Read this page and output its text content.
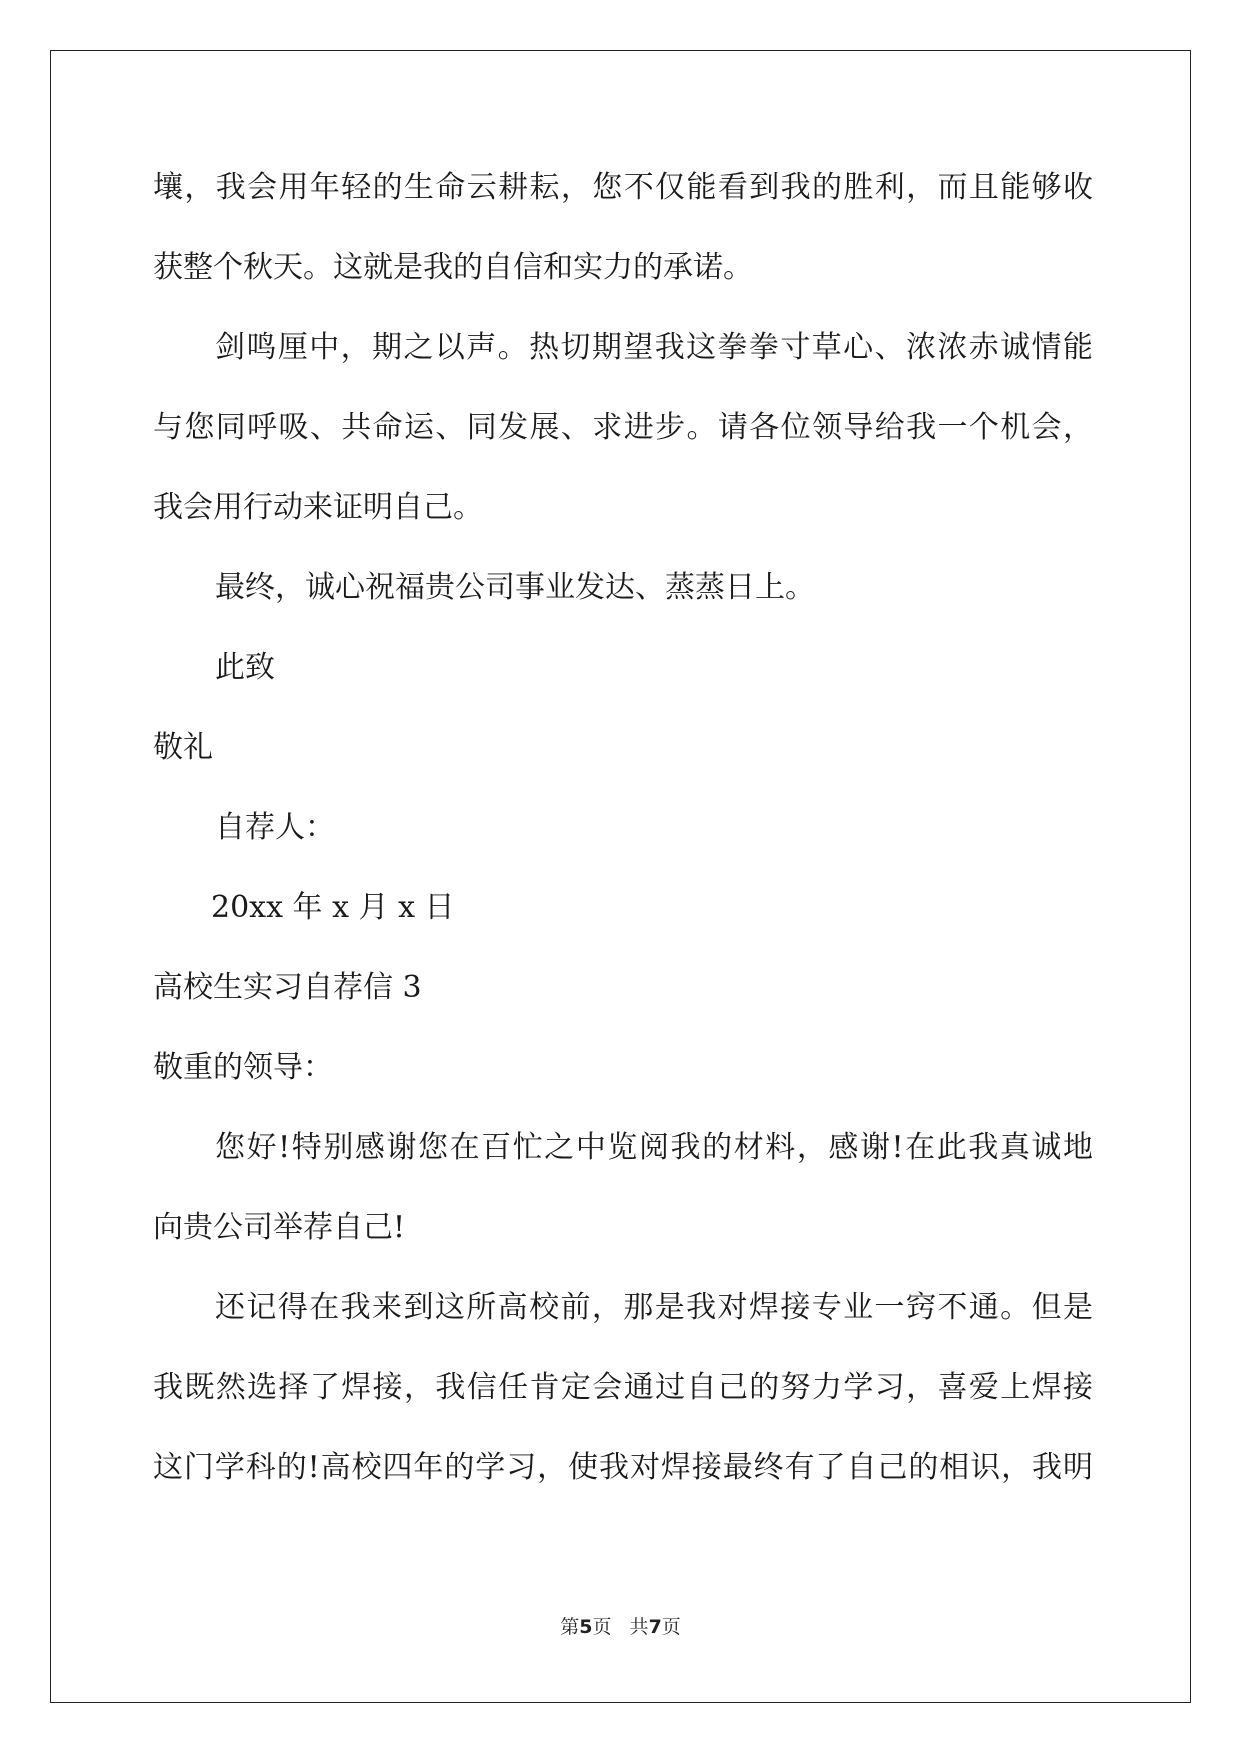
壤，我会用年轻的生命云耕耘，您不仅能看到我的胜利，而且能够收
获整个秋天。这就是我的自信和实力的承诺。
剑鸣厘中，期之以声。热切期望我这拳拳寸草心、浓浓赤诚情能
与您同呼吸、共命运、同发展、求进步。请各位领导给我一个机会，
我会用行动来证明自己。
最终，诚心祝福贵公司事业发达、蒸蒸日上。
此致
敬礼
自荐人：
20xx 年 x 月 x 日
高校生实习自荐信 3
敬重的领导：
您好!特别感谢您在百忙之中览阅我的材料，感谢!在此我真诚地
向贵公司举荐自己!
还记得在我来到这所高校前，那是我对焊接专业一窍不通。但是
我既然选择了焊接，我信任肯定会通过自己的努力学习，喜爱上焊接
这门学科的!高校四年的学习，使我对焊接最终有了自己的相识，我明
第5页   共7页
